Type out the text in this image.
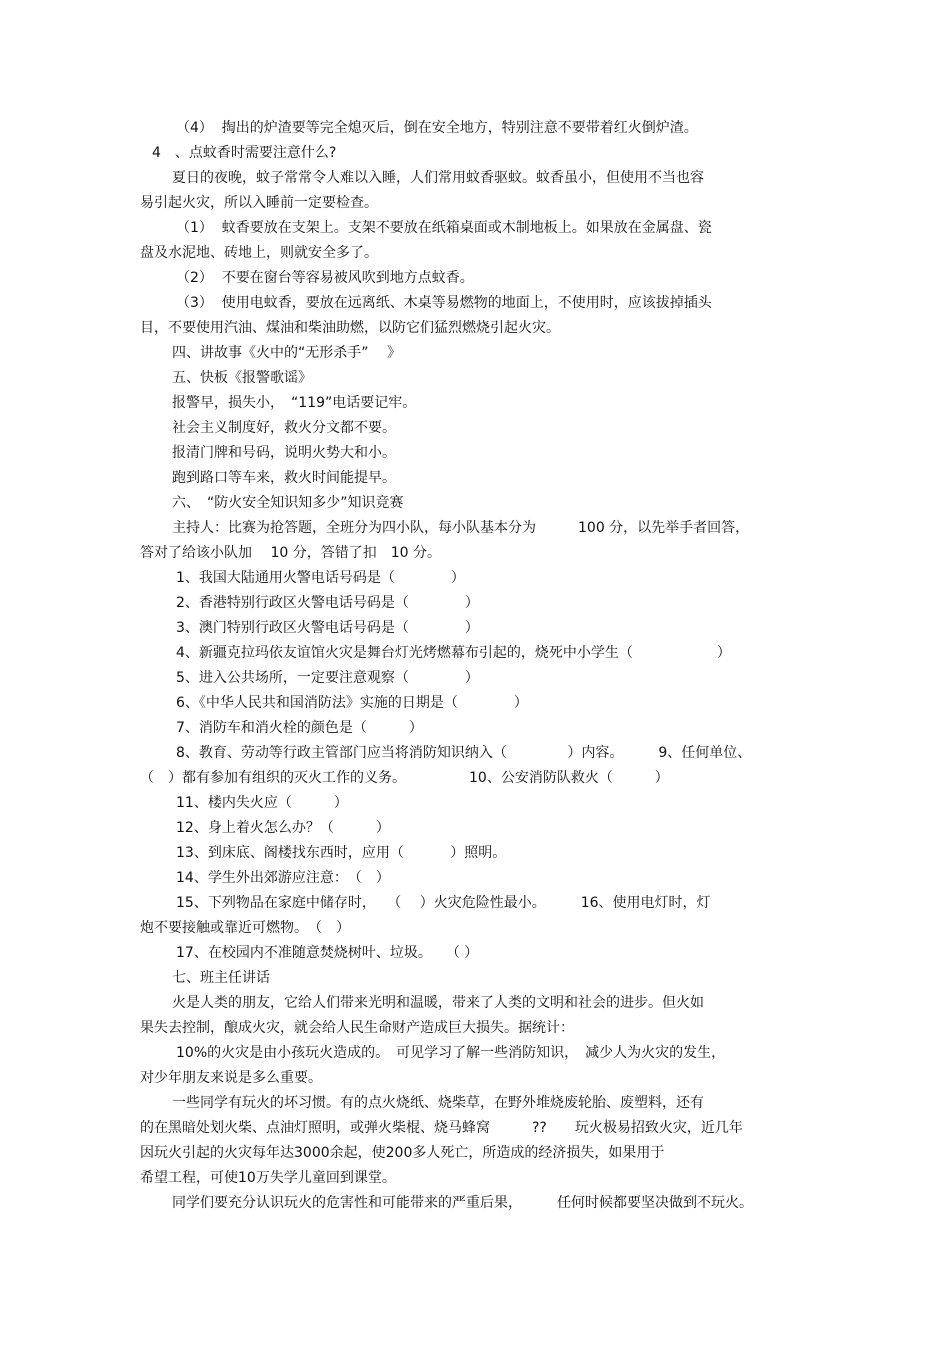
（4）  掏出的炉渣要等完全熄灭后，倒在安全地方，特别注意不要带着红火倒炉渣。

4　、点蚊香时需要注意什么?

夏日的夜晚，蚊子常常令人难以入睡，人们常用蚊香驱蚊。蚊香虽小，但使用不当也容

易引起火灾，所以入睡前一定要检查。

（1）  蚊香要放在支架上。支架不要放在纸箱桌面或木制地板上。如果放在金属盘、瓷

盘及水泥地、砖地上，则就安全多了。

（2）  不要在窗台等容易被风吹到地方点蚊香。

（3）  使用电蚊香，要放在远离纸、木桌等易燃物的地面上，不使用时，应该拔掉插头

目，不要使用汽油、煤油和柴油助燃，以防它们猛烈燃烧引起火灾。

四、讲故事《火中的“无形杀手”　 》

五、快板《报警歌谣》

报警早，损失小，　“119”电话要记牢。

社会主义制度好，救火分文都不要。

报清门牌和号码，说明火势大和小。

跑到路口等车来，救火时间能提早。

六、　“防火安全知识知多少”知识竞赛

主持人：比赛为抢答题，全班分为四小队，每小队基本分为　　　100 分，以先举手者回答，

答对了给该小队加　 10 分，答错了扣　10 分。

1、我国大陆通用火警电话号码是（　　　　）

2、香港特别行政区火警电话号码是（　　　　）

3、澳门特别行政区火警电话号码是（　　　　）

4、新疆克拉玛依友谊馆火灾是舞台灯光烤燃幕布引起的，烧死中小学生（　　　　　　）

5、进入公共场所，一定要注意观察（　　　　）

6、《中华人民共和国消防法》实施的日期是（　　　　）

7、消防车和消火栓的颜色是（　　　）

8、教育、劳动等行政主管部门应当将消防知识纳入（　　　　 ）内容。　　　9、任何单位、

（　）都有参加有组织的灭火工作的义务。　　　　　10、公安消防队救火（　　　）

11、楼内失火应（　　　）

12、身上着火怎么办？（　　　）

13、到床底、阁楼找东西时，应用（　　　 ）照明。

14、学生外出郊游应注意：　（　）

15、下列物品在家庭中储存时，　 （　 ）火灾危险性最小。　　　16、使用电灯时，灯

炮不要接触或靠近可燃物。　（　）

17、在校园内不准随意焚烧树叶、垃圾。　　（ ）

七、班主任讲话

火是人类的朋友，它给人们带来光明和温暖，带来了人类的文明和社会的进步。但火如

果失去控制，酿成火灾，就会给人民生命财产造成巨大损失。据统计：

10%的火灾是由小孩玩火造成的。　可见学习了解一些消防知识，　减少人为火灾的发生，

对少年朋友来说是多么重要。

一些同学有玩火的坏习惯。有的点火烧纸、烧柴草，在野外堆烧废轮胎、废塑料，还有

的在黑暗处划火柴、点油灯照明，或弹火柴棍、烧马蜂窝　　　??　　玩火极易招致火灾，近几年

因玩火引起的火灾每年达3000余起，使200多人死亡，所造成的经济损失，如果用于

希望工程，可使10万失学儿童回到课堂。

同学们要充分认识玩火的危害性和可能带来的严重后果，　　　任何时候都要坚决做到不玩火。
